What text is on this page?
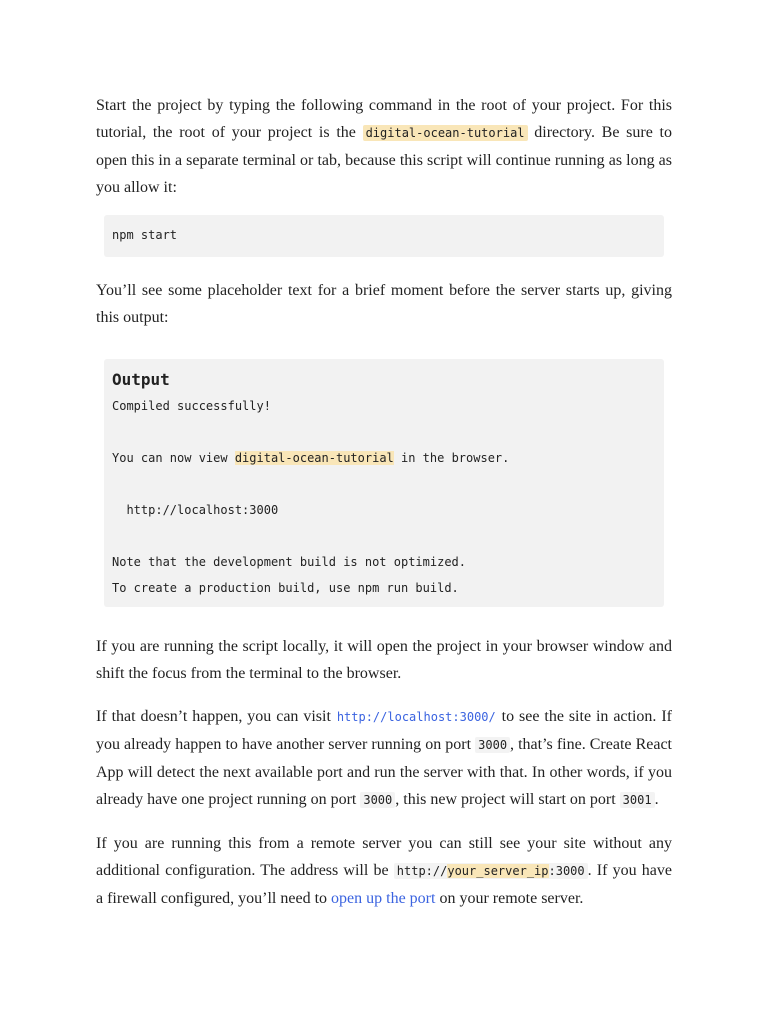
Start the project by typing the following command in the root of your project. For this tutorial, the root of your project is the digital-ocean-tutorial directory. Be sure to open this in a separate terminal or tab, because this script will continue running as long as you allow it:

npm start

You’ll see some placeholder text for a brief moment before the server starts up, giving this output:

Output
Compiled successfully!

You can now view digital-ocean-tutorial in the browser.

http://localhost:3000

Note that the development build is not optimized.
To create a production build, use npm run build.

If you are running the script locally, it will open the project in your browser window and shift the focus from the terminal to the browser.

If that doesn’t happen, you can visit http://localhost:3000/ to see the site in action. If you already happen to have another server running on port 3000 , that’s fine. Create React App will detect the next available port and run the server with that. In other words, if you already have one project running on port 3000 , this new project will start on port 3001 .

If you are running this from a remote server you can still see your site without any additional configuration. The address will be http://your_server_ip:3000 . If you have a firewall configured, you’ll need to open up the port on your remote server.
